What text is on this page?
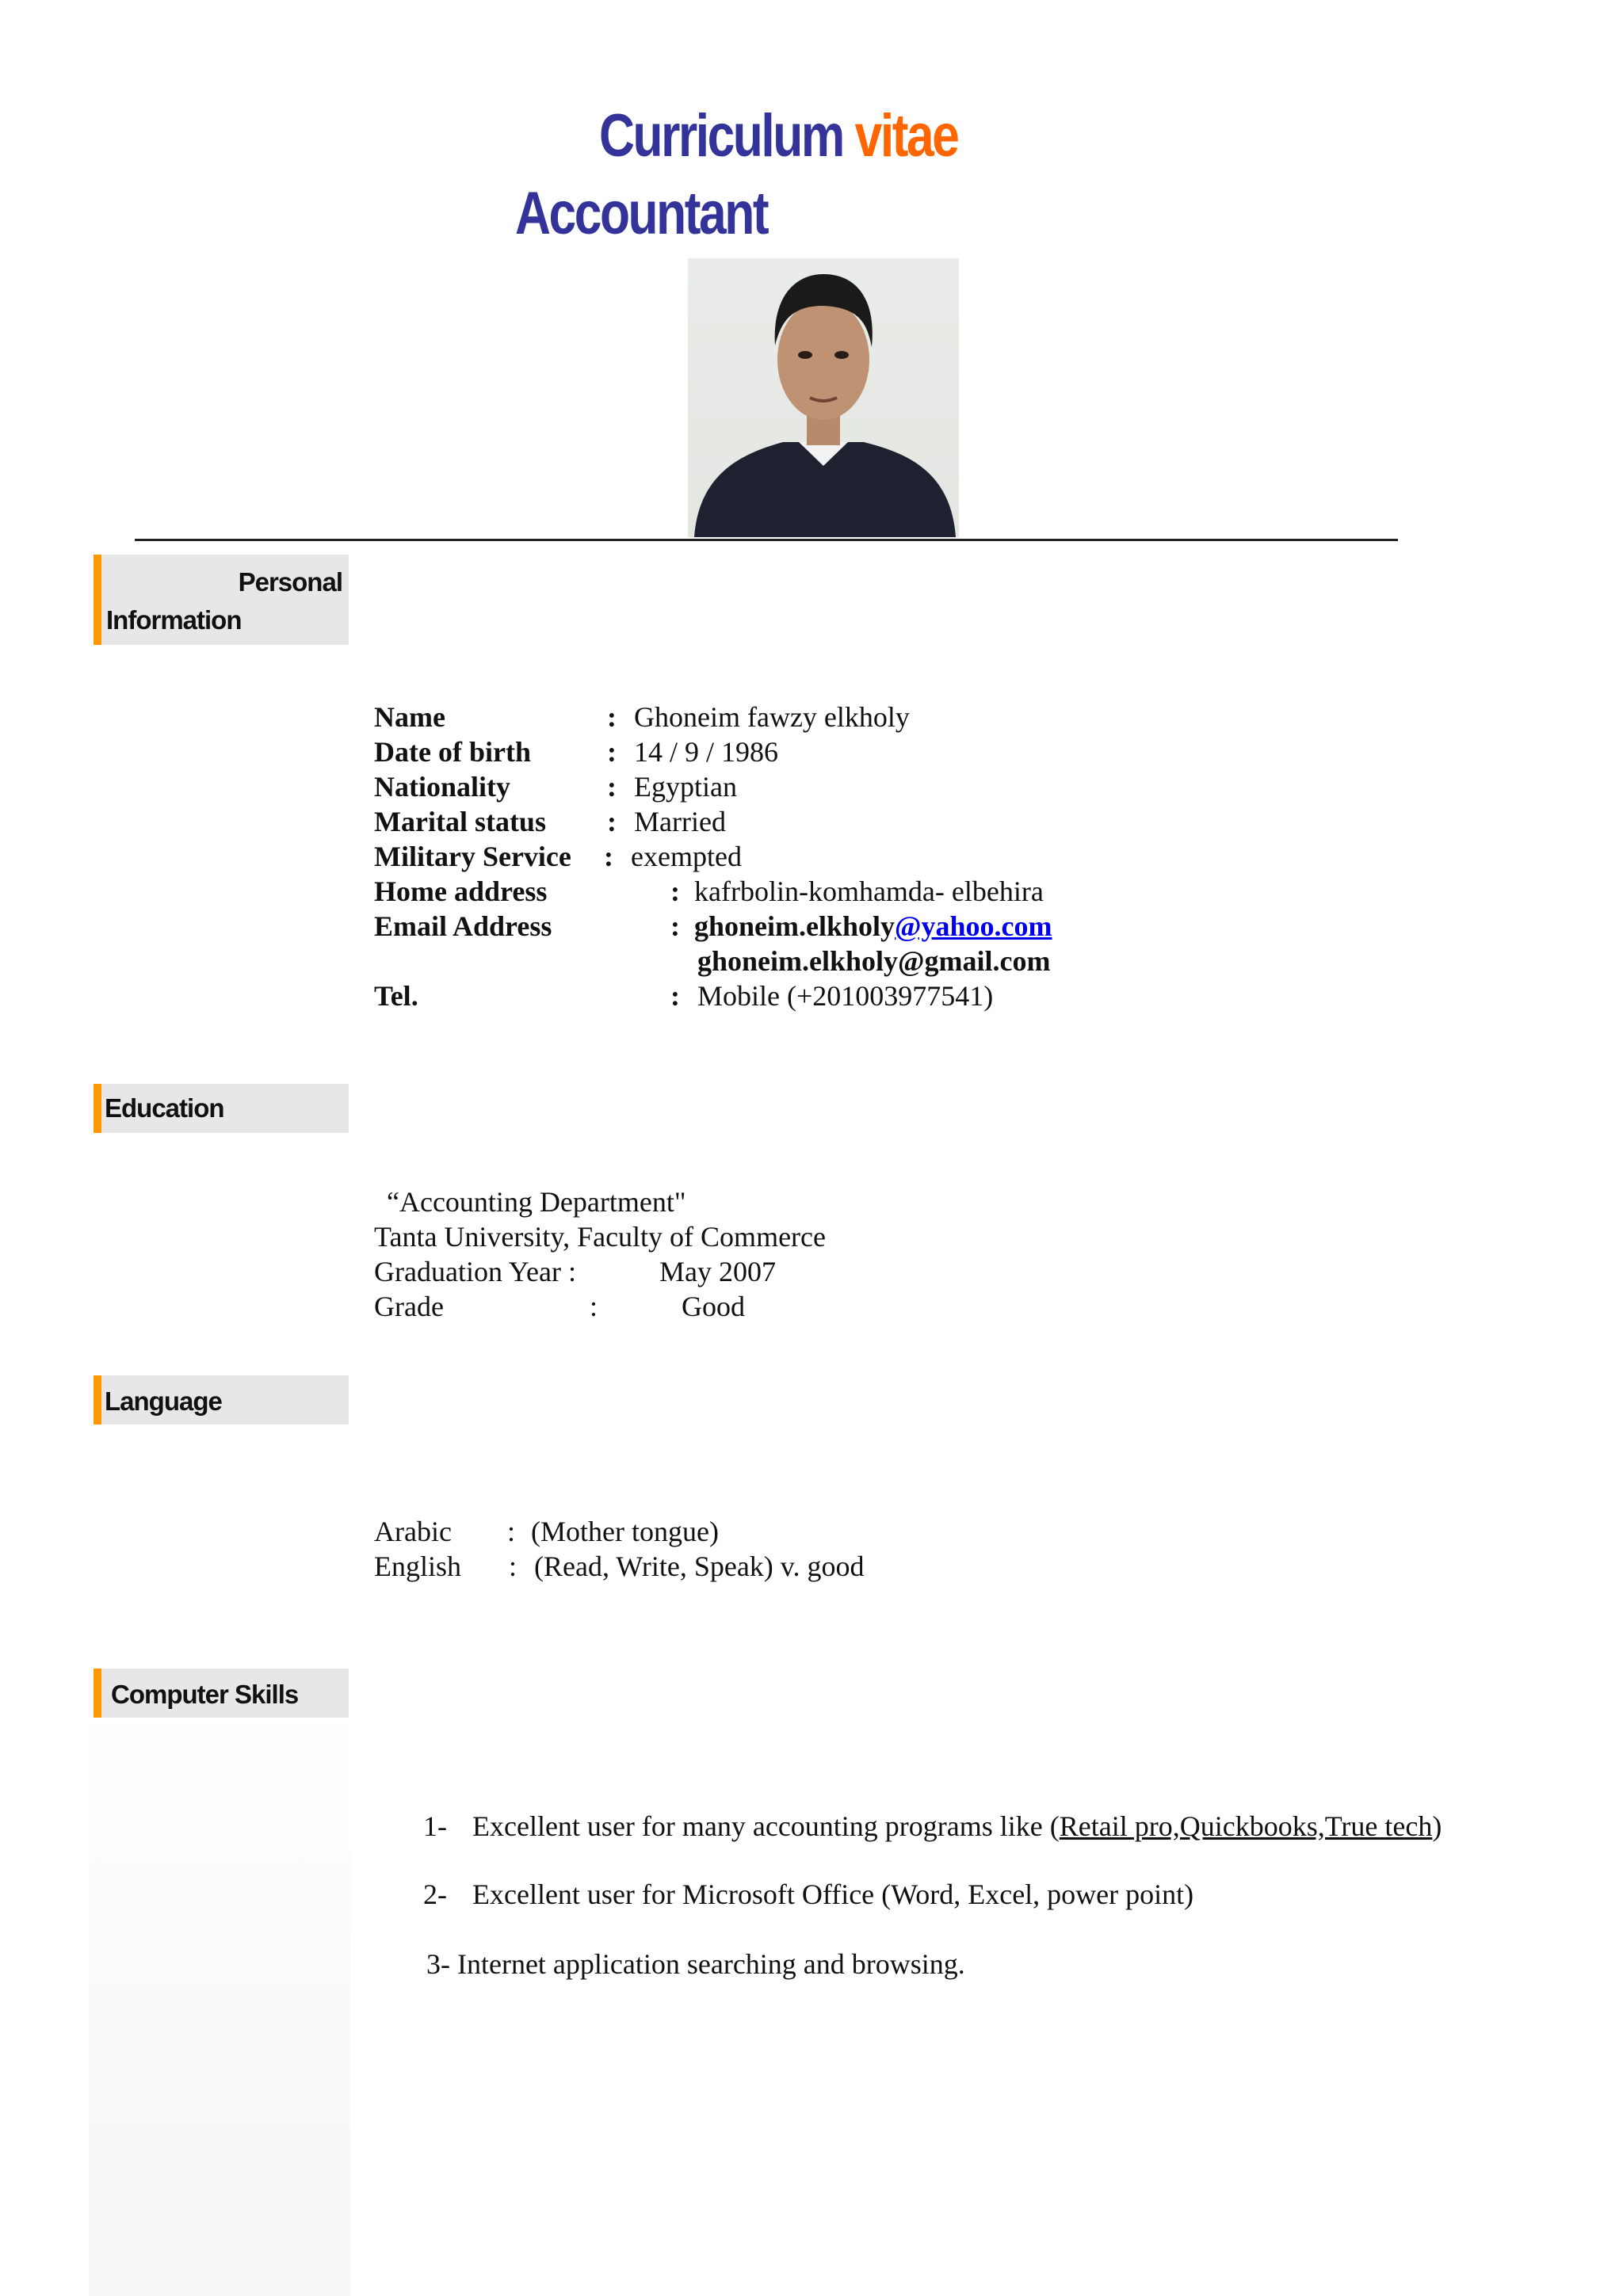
Curriculum vitae
Accountant
Personal
Information
Name	: Ghoneim fawzy elkholy
Date of birth	: 14 / 9 / 1986
Nationality	: Egyptian
Marital status : Married
Military Service : exempted
Home address	: kafrbolin-komhamda- elbehira
Email Address	: ghoneim.elkholy@yahoo.com
ghoneim.elkholy@gmail.com
Tel.	: Mobile (+201003977541)
Education
“Accounting Department"
Tanta University, Faculty of Commerce
Graduation Year :	May 2007
Grade	:	Good
Language
Arabic : (Mother tongue)
English : (Read, Write, Speak) v. good
Computer Skills
1- Excellent user for many accounting programs like (Retail pro,Quickbooks,True tech)
2- Excellent user for Microsoft Office (Word, Excel, power point)
3- Internet application searching and browsing.
